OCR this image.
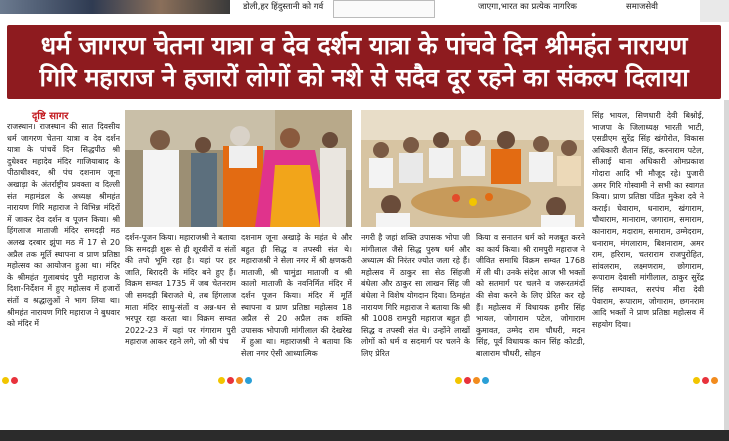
डोली,हर हिंदुस्तानी को गर्व	जाएगा,भारत का प्रत्येक नागरिक	समाजसेवी
धर्म जागरण चेतना यात्रा व देव दर्शन यात्रा के पांचवे दिन श्रीमहंत नारायण
गिरि महाराज ने हजारों लोगों को नशे से सदैव दूर रहने का संकल्प दिलाया
दृष्टि सागर

राजस्थान। राजस्थान की सात दिवसीय धर्म जागरण चेतना यात्रा व देव दर्शन यात्रा के पांचवें दिन सिद्धपीठ श्री दुधेश्वर महादेव मंदिर गाजियाबाद के पीठाधीश्वर, श्री पंच दशनाम जूना अखाड़ा के अंतर्राष्ट्रीय प्रवक्ता व दिल्ली संत महामंडल के अध्यक्ष श्रीमहंत नारायण गिरि महाराज ने विभिन्न मंदिरों में जाकर देव दर्शन व पूजन किया। श्री हिंगलाज माताजी मंदिर समदड़ी मठ अलख दरबार झुंपा मठ में 17 से 20 अप्रैल तक मूर्ति स्थापना व प्राण प्रतिष्ठा महोत्सव का आयोजन हुआ था। मंदिर के श्रीमहंत गुलाबचंद पुरी महाराज के दिशा-निर्देशन में हुए महोत्सव में हजारों संतों व श्रद्धालुओं ने भाग लिया था। श्रीमहंत नारायण गिरि महाराज ने बुधवार को मंदिर में

दर्शन-पूजन किया। महाराजश्री ने बताया कि समदड़ी शुरू से ही शूरवीरों व संतों की तपो भूमि रहा है। यहां पर हर जाति, बिरादरी के मंदिर बने हुए हैं। विक्रम सम्वत 1735 में जब चेतनराम जी समदड़ी बिराजते थे, तब हिंगलाज माता मंदिर साधु-संतों व अन्न-धन से भरपूर रहा करता था। विक्रम सम्वत 2022-23 में यहां पर गंगाराम पुरी महाराज आकर रहने लगे, जो श्री पंच

दशनाम जूना अखाड़े के महंत थे और बहुत ही सिद्ध व तपस्वी संत थे। महाराजश्री ने सेला नगर में श्री क्षणकरी माताजी, श्री चामुंडा माताजी व श्री कालो माताजी के नवनिर्मित मंदिर में दर्शन पूजन किया। मंदिर में मूर्ति स्थापना व प्राण प्रतिष्ठा महोत्सव 18 अप्रैल से 20 अप्रैल तक शक्ति उपासक भोपाजी मांगीलाल की देखरेख में हुआ था। महाराजश्री ने बताया कि सेला नगर ऐसी आध्यात्मिक

नगरी है जहां शक्ति उपासक भोपा जी मांगीलाल जैसे सिद्ध पुरुष धर्म और अध्यात्म की निरंतर ज्योत जला रहे हैं। महोत्सव में ठाकुर सा सेठ सिंहजी बंधेला और ठाकुर सा लाखन सिंह जी बंधेला ने विशेष योगदान दिया। ठिमहंत नारायण गिरि महाराज ने बताया कि श्री श्री 1008 रामपुरी महाराज बहुत ही सिद्ध व तपस्वी संत थे। उन्होंने लाखों लोगों को धर्म व सदमार्ग पर चलने के लिए प्रेरित

किया व सनातन धर्म को मजबूत करने का कार्य किया। श्री रामपुरी महाराज ने जीवित समाधि विक्रम सम्वत 1768 में ली थी। उनके संदेश आज भी भक्तों को सतमार्ग पर चलने व जरूरतमंदों की सेवा करने के लिए प्रेरित कर रहे हैं। महोत्सव में विधायक हमीर सिंह भायल, जोगाराम पटेल, जोगाराम कुमावत, उम्मेद राम चौधरी, मदन सिंह, पूर्व विधायक कान सिंह कोटडी, बालाराम चौधरी, सोहन

सिंह भायल, सिणधारी देवी बिश्नोई, भाजपा के जिलाध्यक्ष भारती भाटी, एसडीएम सुरेंद्र सिंह खंगोरोत, विकास अधिकारी शैतान सिंह, करनाराम पटेल, सीआई थाना अधिकारी ओमप्रकाश गोदारा आदि भी मौजूद रहे। पुजारी अमर गिरि गोस्वामी ने सभी का स्वागत किया। प्राण प्रतिष्ठा पंडित मुकेश दवे ने कराई। घेवाराम, धनाराम, खंगाराम, चौथाराम, मानाराम, जगाराम, समाराम, कानाराम, मदाराम, समाराम, उम्मेदराम, धनाराम, मंगलाराम, बिशनाराम, अमर राम, हरिराम, चतराराम राजपुरोहित, सांवलराम, लक्ष्मणराम, छोगाराम, रूपाराम देवासी मांगीलाल, ठाकुर सुरेंद्र सिंह सम्पावत, सरपंच मीरा देवी पेवाराम, रूपाराम, जोगाराम, छगनराम आदि भक्तों ने प्राण प्रतिष्ठा महोत्सव में सहयोग दिया।
